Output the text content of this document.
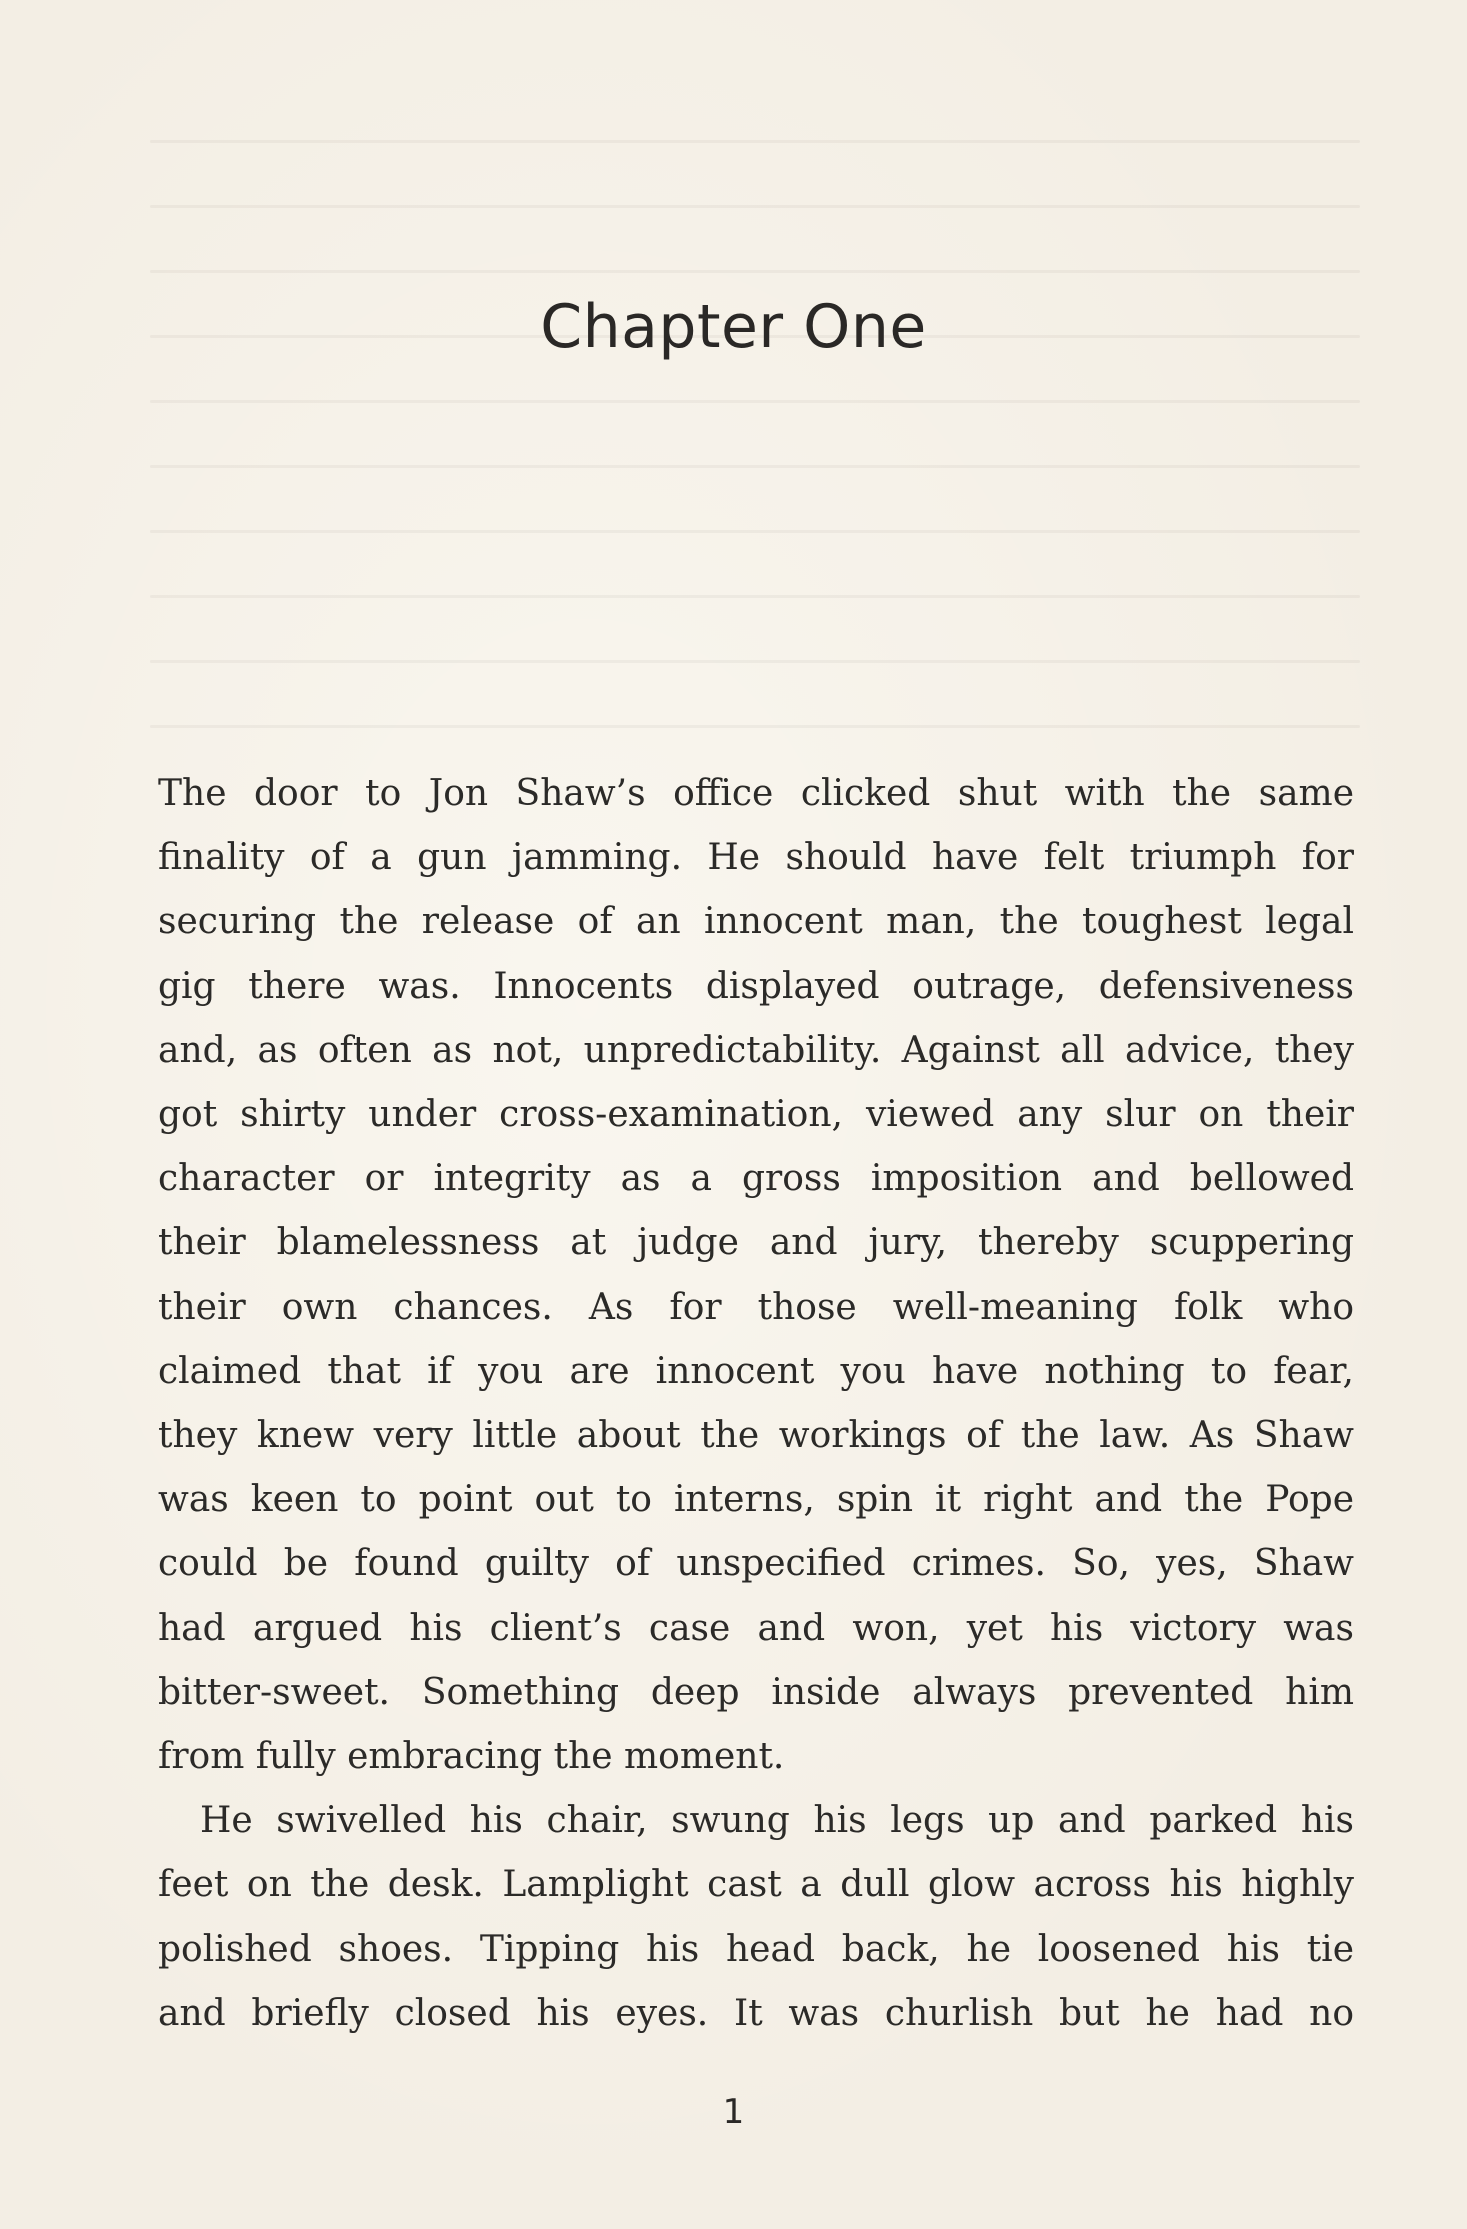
Chapter One

The door to Jon Shaw’s office clicked shut with the same
finality of a gun jamming. He should have felt triumph for
securing the release of an innocent man, the toughest legal
gig there was. Innocents displayed outrage, defensiveness
and, as often as not, unpredictability. Against all advice, they
got shirty under cross-examination, viewed any slur on their
character or integrity as a gross imposition and bellowed
their blamelessness at judge and jury, thereby scuppering
their own chances. As for those well-meaning folk who
claimed that if you are innocent you have nothing to fear,
they knew very little about the workings of the law. As Shaw
was keen to point out to interns, spin it right and the Pope
could be found guilty of unspecified crimes. So, yes, Shaw
had argued his client’s case and won, yet his victory was
bitter-sweet. Something deep inside always prevented him
from fully embracing the moment.

He swivelled his chair, swung his legs up and parked his
feet on the desk. Lamplight cast a dull glow across his highly
polished shoes. Tipping his head back, he loosened his tie
and briefly closed his eyes. It was churlish but he had no

1
